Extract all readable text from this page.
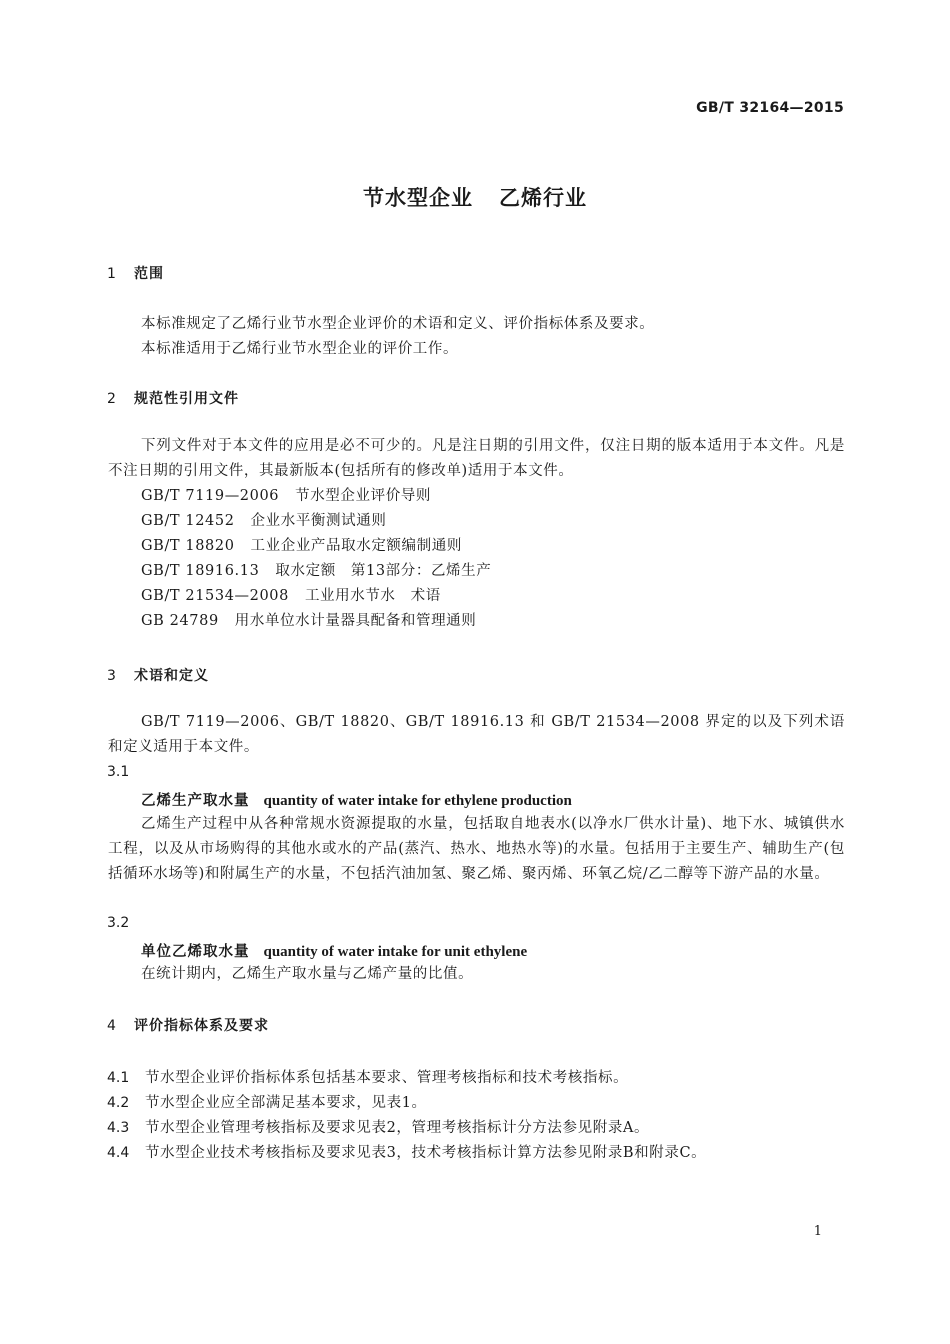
GB/T 32164—2015
节水型企业 乙烯行业
1 范围
本标准规定了乙烯行业节水型企业评价的术语和定义、评价指标体系及要求。
本标准适用于乙烯行业节水型企业的评价工作。
2 规范性引用文件
下列文件对于本文件的应用是必不可少的。凡是注日期的引用文件，仅注日期的版本适用于本文件。凡是不注日期的引用文件，其最新版本(包括所有的修改单)适用于本文件。
GB/T 7119—2006 节水型企业评价导则
GB/T 12452 企业水平衡测试通则
GB/T 18820 工业企业产品取水定额编制通则
GB/T 18916.13 取水定额　第13部分：乙烯生产
GB/T 21534—2008 工业用水节水　术语
GB 24789 用水单位水计量器具配备和管理通则
3 术语和定义
GB/T 7119—2006、GB/T 18820、GB/T 18916.13 和 GB/T 21534—2008 界定的以及下列术语和定义适用于本文件。
3.1
乙烯生产取水量 quantity of water intake for ethylene production
乙烯生产过程中从各种常规水资源提取的水量，包括取自地表水(以净水厂供水计量)、地下水、城镇供水工程，以及从市场购得的其他水或水的产品(蒸汽、热水、地热水等)的水量。包括用于主要生产、辅助生产(包括循环水场等)和附属生产的水量，不包括汽油加氢、聚乙烯、聚丙烯、环氧乙烷/乙二醇等下游产品的水量。
3.2
单位乙烯取水量 quantity of water intake for unit ethylene
在统计期内，乙烯生产取水量与乙烯产量的比值。
4 评价指标体系及要求
4.1 节水型企业评价指标体系包括基本要求、管理考核指标和技术考核指标。
4.2 节水型企业应全部满足基本要求，见表1。
4.3 节水型企业管理考核指标及要求见表2，管理考核指标计分方法参见附录A。
4.4 节水型企业技术考核指标及要求见表3，技术考核指标计算方法参见附录B和附录C。
1
